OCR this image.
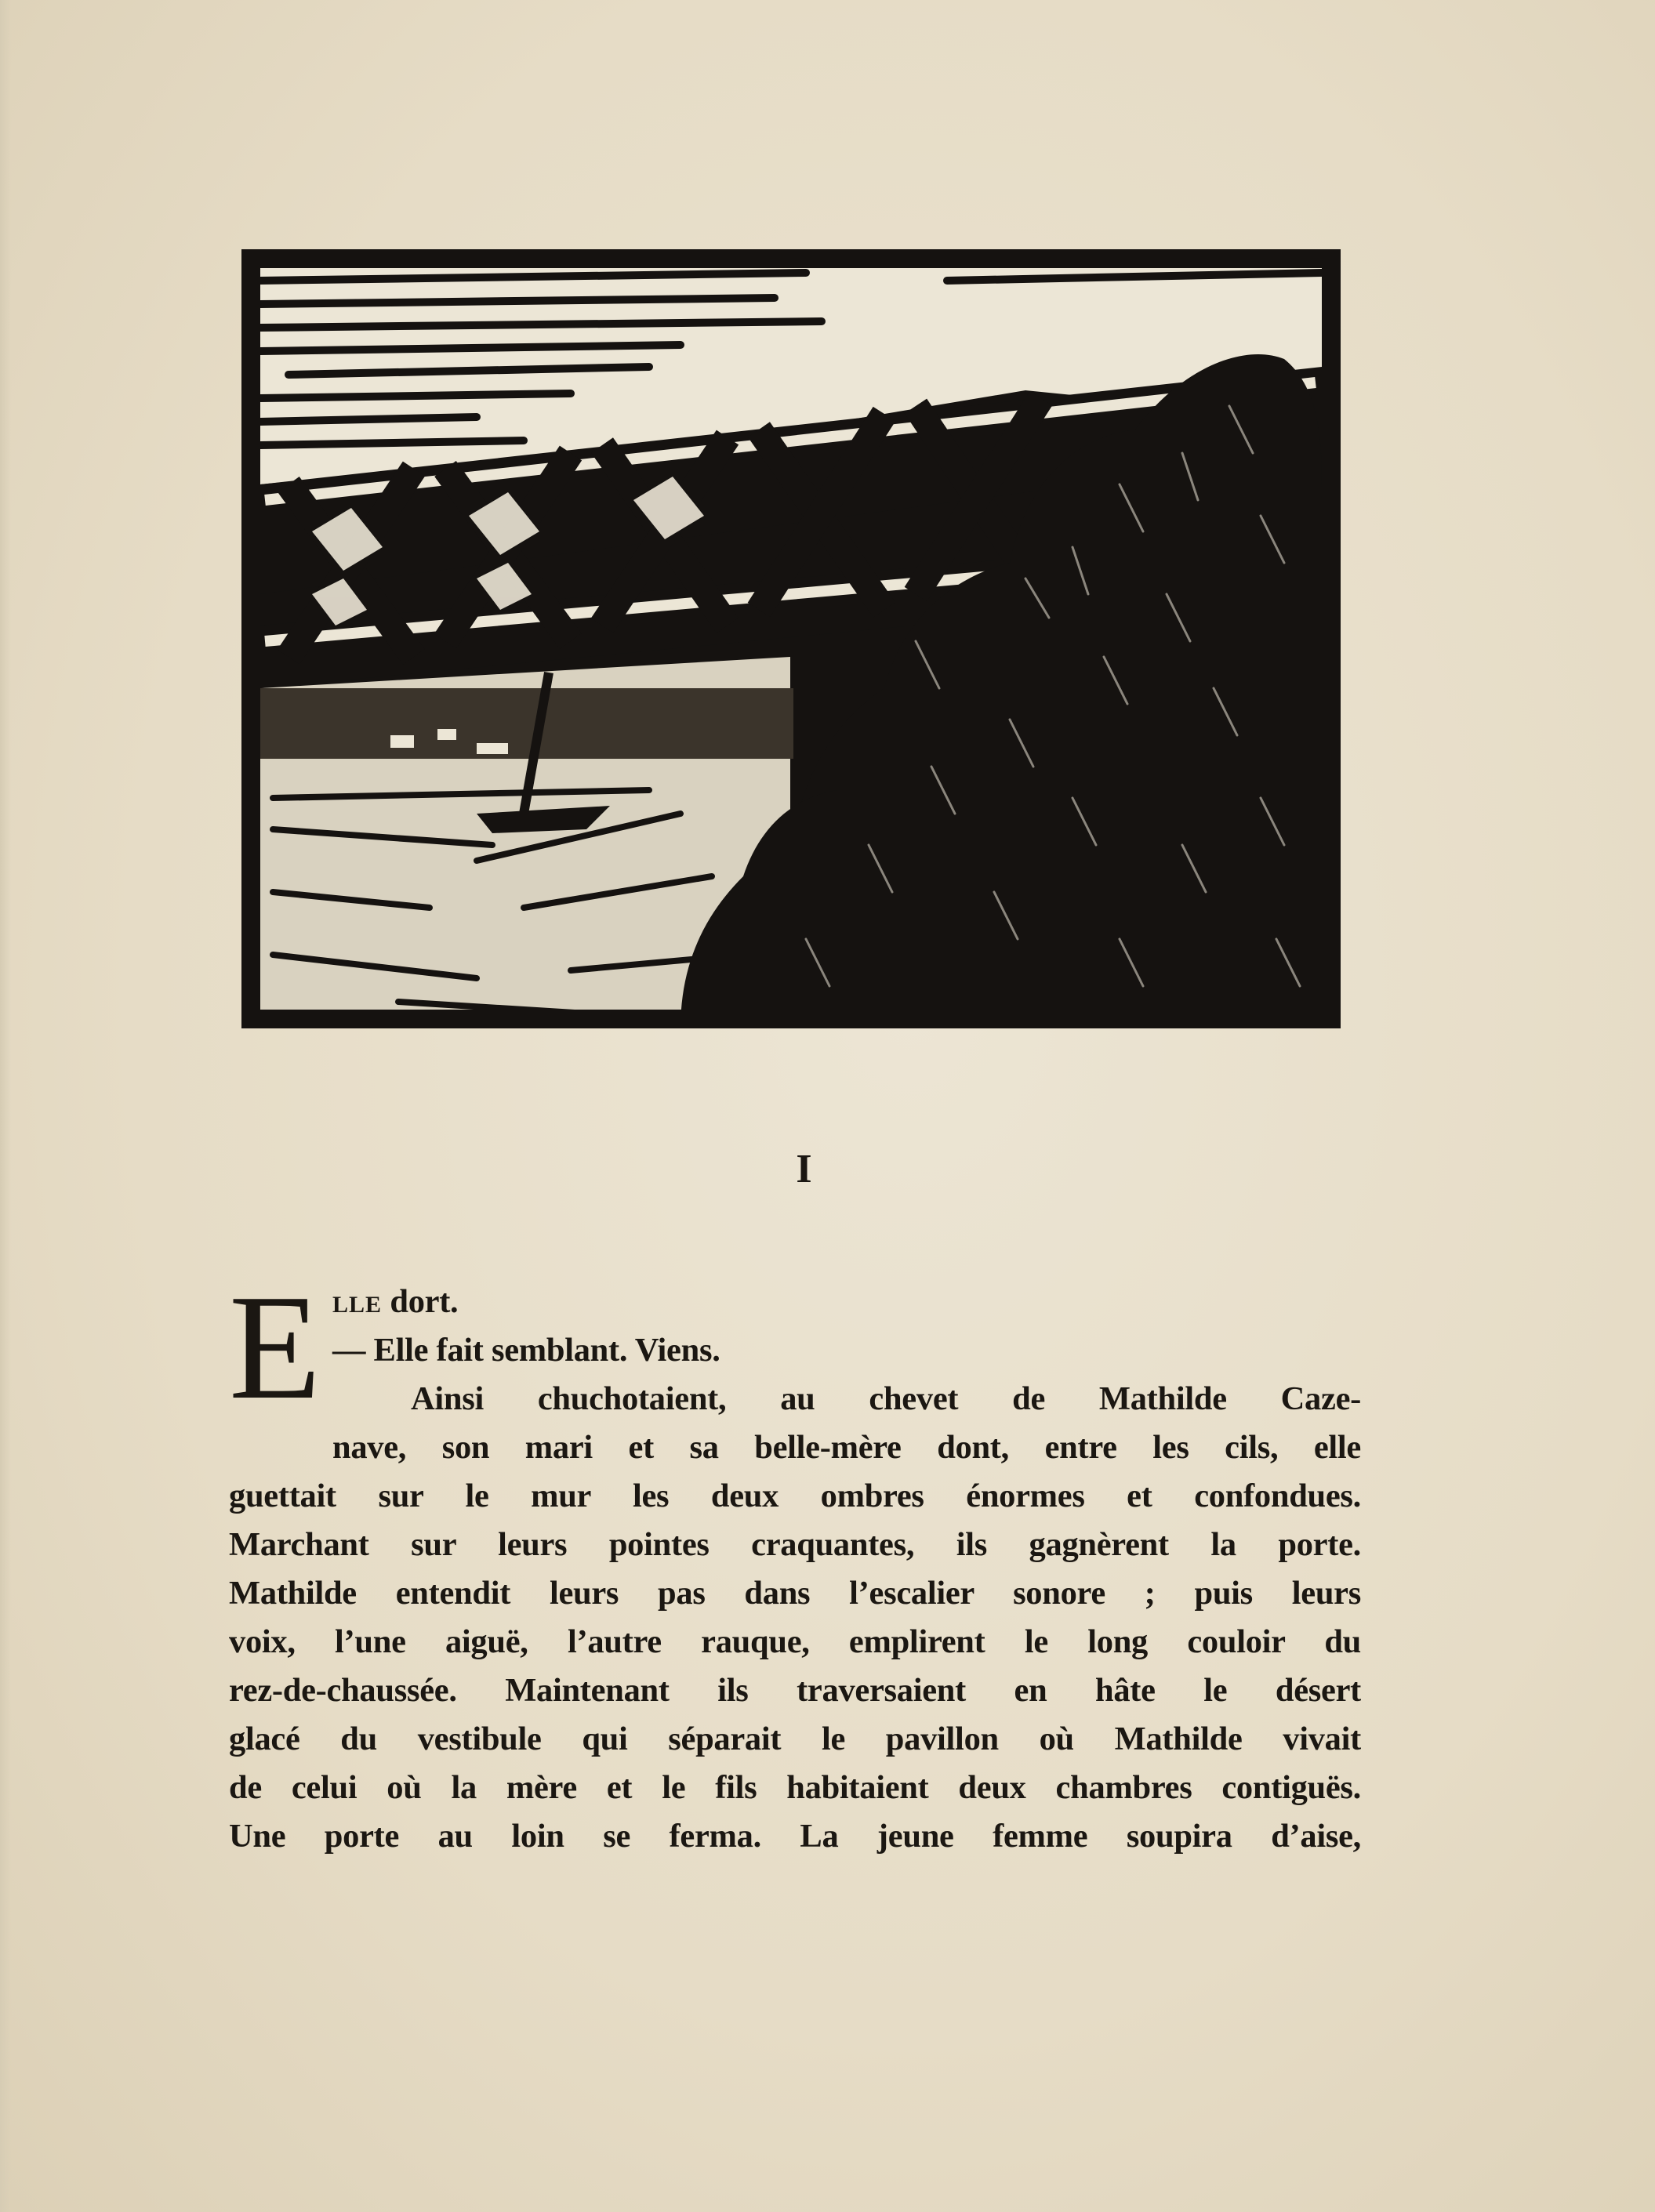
I
E lle dort.
— Elle fait semblant. Viens.
Ainsi chuchotaient, au chevet de Mathilde Caze-
nave, son mari et sa belle-mère dont, entre les cils, elle
guettait sur le mur les deux ombres énormes et confondues.
Marchant sur leurs pointes craquantes, ils gagnèrent la porte.
Mathilde entendit leurs pas dans l’escalier sonore ; puis leurs
voix, l’une aiguë, l’autre rauque, emplirent le long couloir du
rez-de-chaussée. Maintenant ils traversaient en hâte le désert
glacé du vestibule qui séparait le pavillon où Mathilde vivait
de celui où la mère et le fils habitaient deux chambres contiguës.
Une porte au loin se ferma. La jeune femme soupira d’aise,
